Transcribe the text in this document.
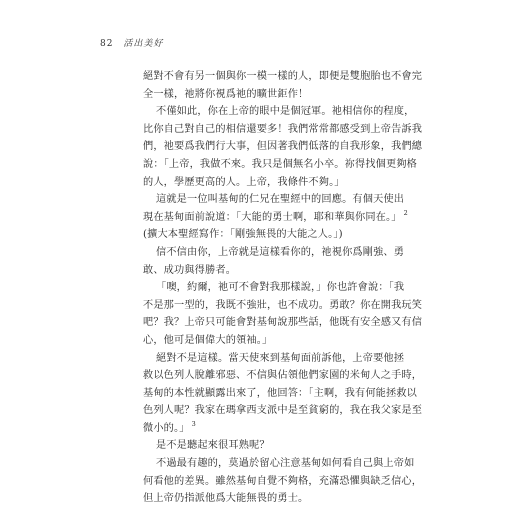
82 活出美好
絕對不會有另一個與你一模一樣的人，即便是雙胞胎也不會完
全一樣，祂將你視爲祂的曠世鉅作！
不僅如此，你在上帝的眼中是個冠軍。祂相信你的程度，
比你自己對自己的相信還要多！我們常常都感受到上帝告訴我
們，祂要爲我們行大事，但因著我們低落的自我形象，我們總
說：「上帝，我做不來。我只是個無名小卒。祢得找個更夠格
的人，學歷更高的人。上帝，我條件不夠。」
這就是一位叫基甸的仁兄在聖經中的回應。有個天使出
現在基甸面前說道：「大能的勇士啊，耶和華與你同在。」 $^2$
(擴大本聖經寫作：「剛強無畏的大能之人。」)
信不信由你，上帝就是這樣看你的，祂視你爲剛強、勇
敢、成功與得勝者。
「噢，約爾，祂可不會對我那樣說，」你也許會說：「我
不是那一型的，我既不強壯，也不成功。勇敢？你在開我玩笑
吧？我？上帝只可能會對基甸說那些話，他既有安全感又有信
心，他可是個偉大的領袖。」
絕對不是這樣。當天使來到基甸面前訴他，上帝要他拯
救以色列人脫離邪惡、不信與佔領他們家園的米甸人之手時，
基甸的本性就顯露出來了，他回答：「主啊，我有何能拯救以
色列人呢？我家在瑪拿西支派中是至貧窮的，我在我父家是至
微小的。」 $^3$
是不是聽起來很耳熟呢？
不過最有趣的，莫過於留心注意基甸如何看自己與上帝如
何看他的差異。雖然基甸自覺不夠格，充滿恐懼與缺乏信心，
但上帝仍指派他爲大能無畏的勇士。
